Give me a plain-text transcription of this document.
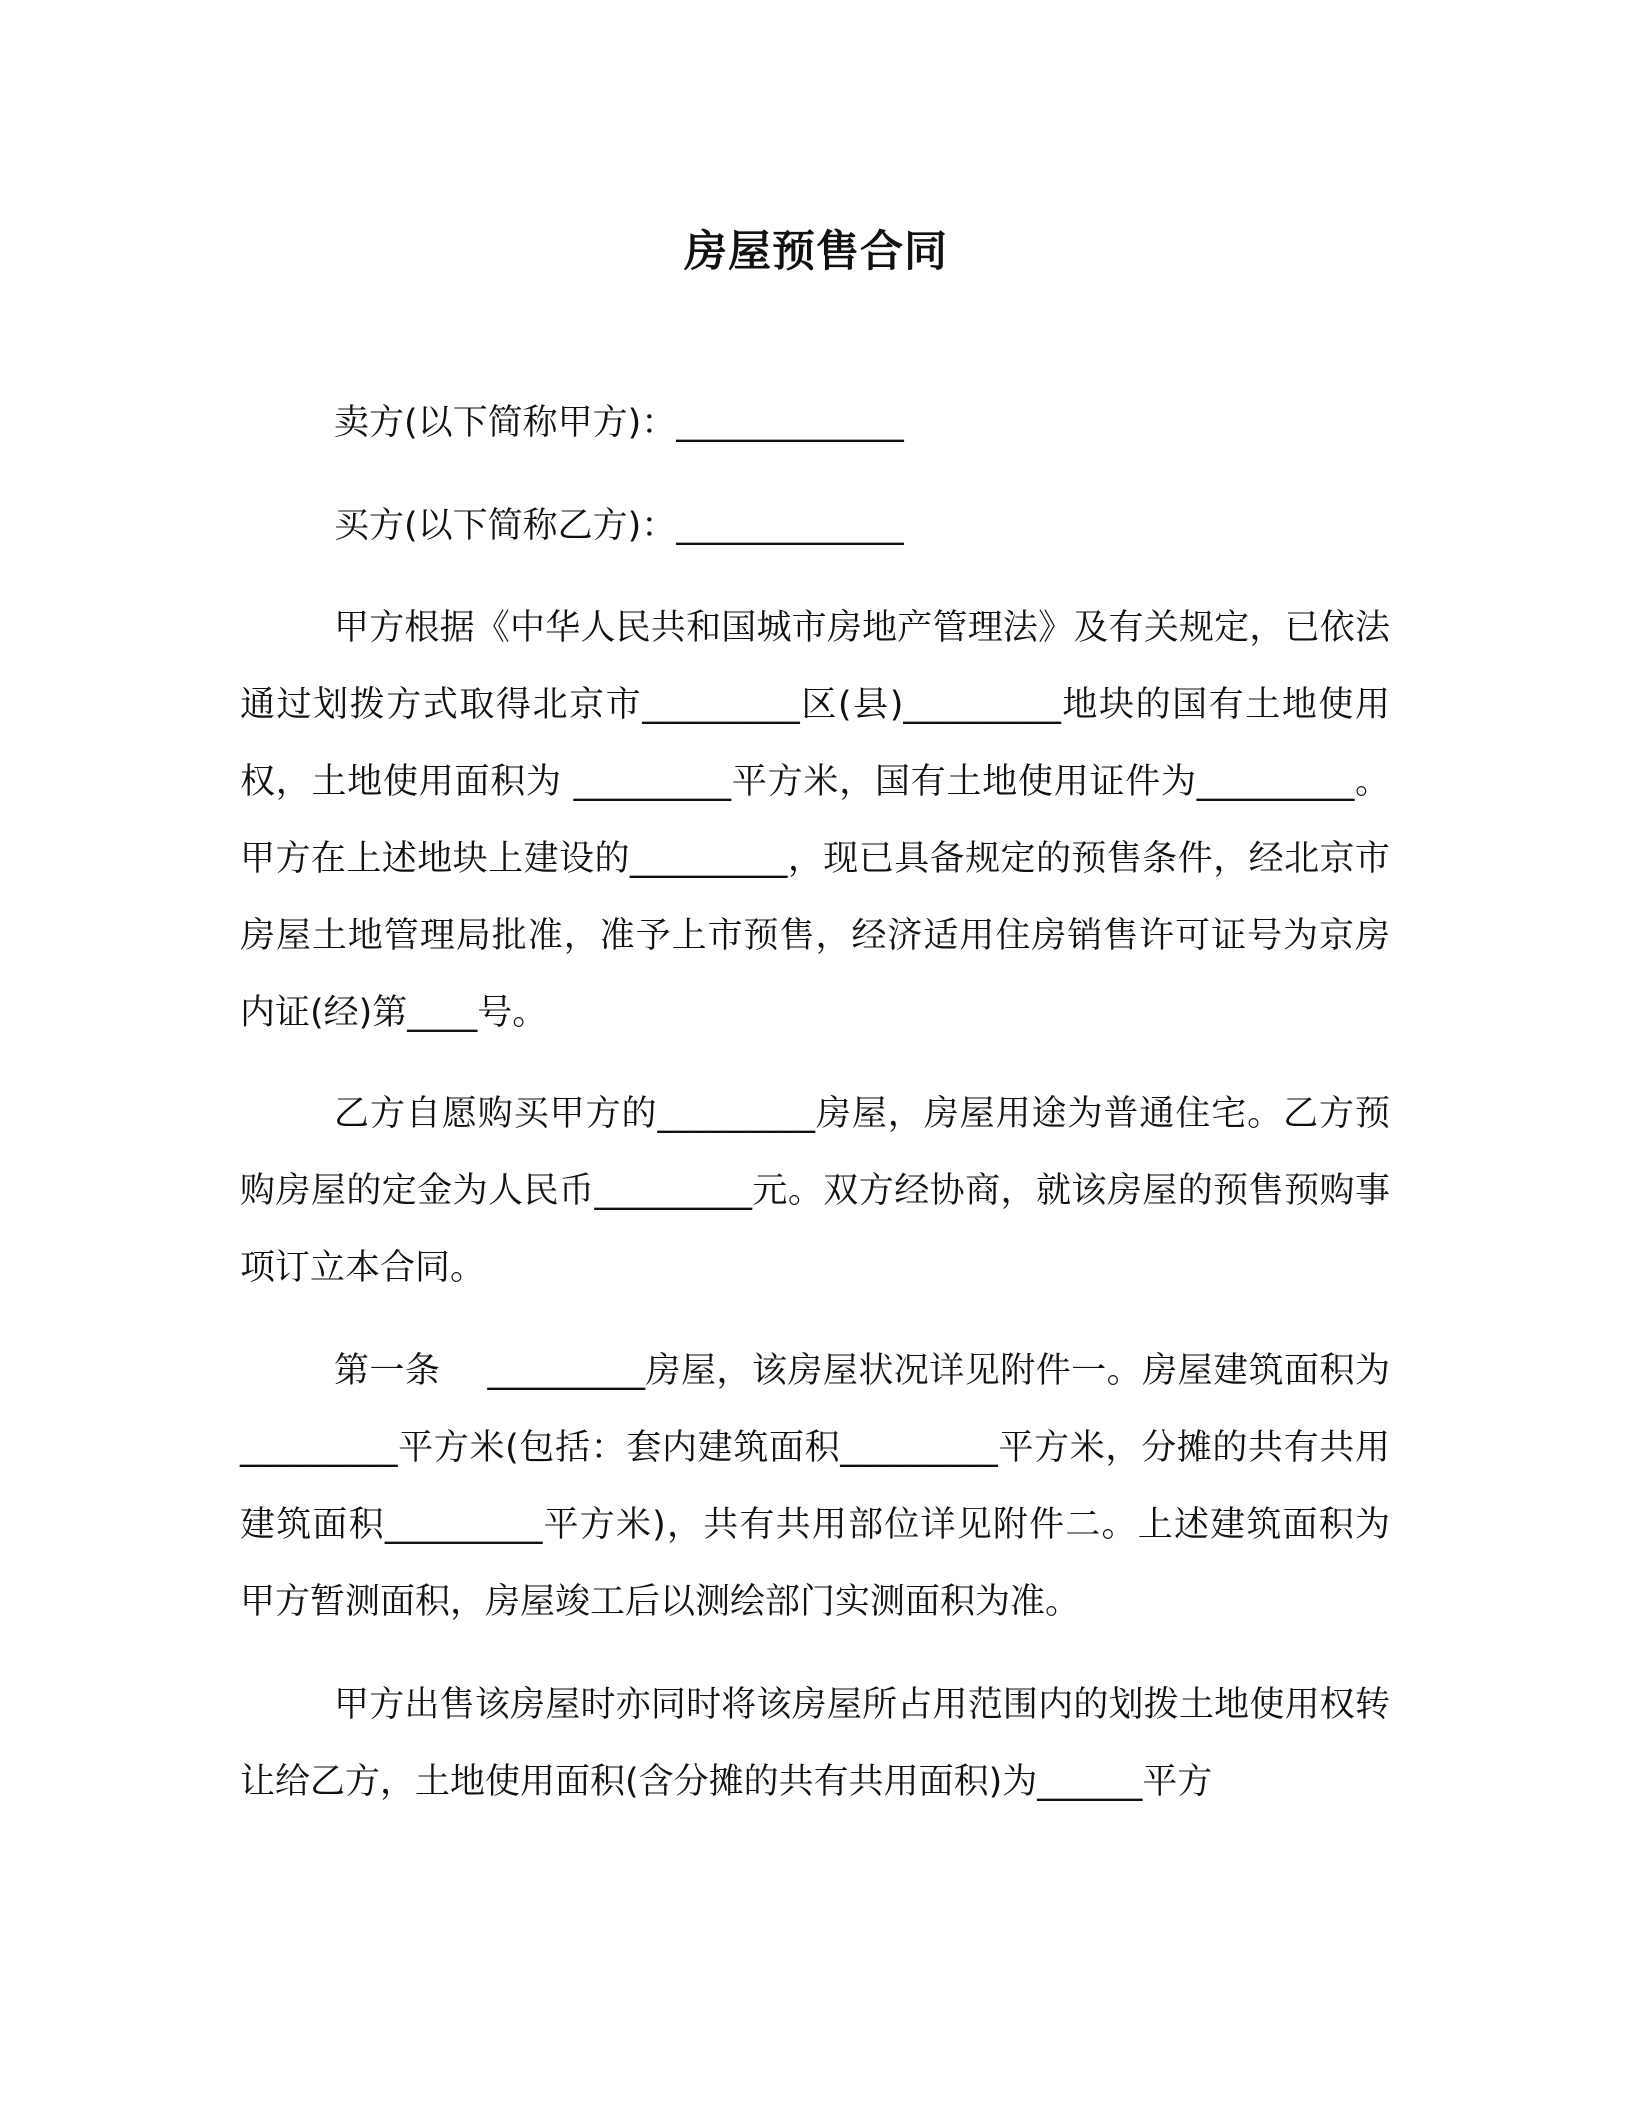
房屋预售合同
卖方(以下简称甲方)：_____________
买方(以下简称乙方)：_____________
甲方根据《中华人民共和国城市房地产管理法》及有关规定，已依法通过划拨方式取得北京市_________区(县)_________地块的国有土地使用权，土地使用面积为 _________平方米，国有土地使用证件为_________。甲方在上述地块上建设的_________，现已具备规定的预售条件，经北京市房屋土地管理局批准，准予上市预售，经济适用住房销售许可证号为京房内证(经)第____号。
乙方自愿购买甲方的_________房屋，房屋用途为普通住宅。乙方预购房屋的定金为人民币_________元。双方经协商，就该房屋的预售预购事项订立本合同。
第一条　 _________房屋，该房屋状况详见附件一。房屋建筑面积为_________平方米(包括：套内建筑面积_________平方米，分摊的共有共用建筑面积_________平方米)，共有共用部位详见附件二。上述建筑面积为甲方暂测面积，房屋竣工后以测绘部门实测面积为准。
甲方出售该房屋时亦同时将该房屋所占用范围内的划拨土地使用权转让给乙方，土地使用面积(含分摊的共有共用面积)为______平方
